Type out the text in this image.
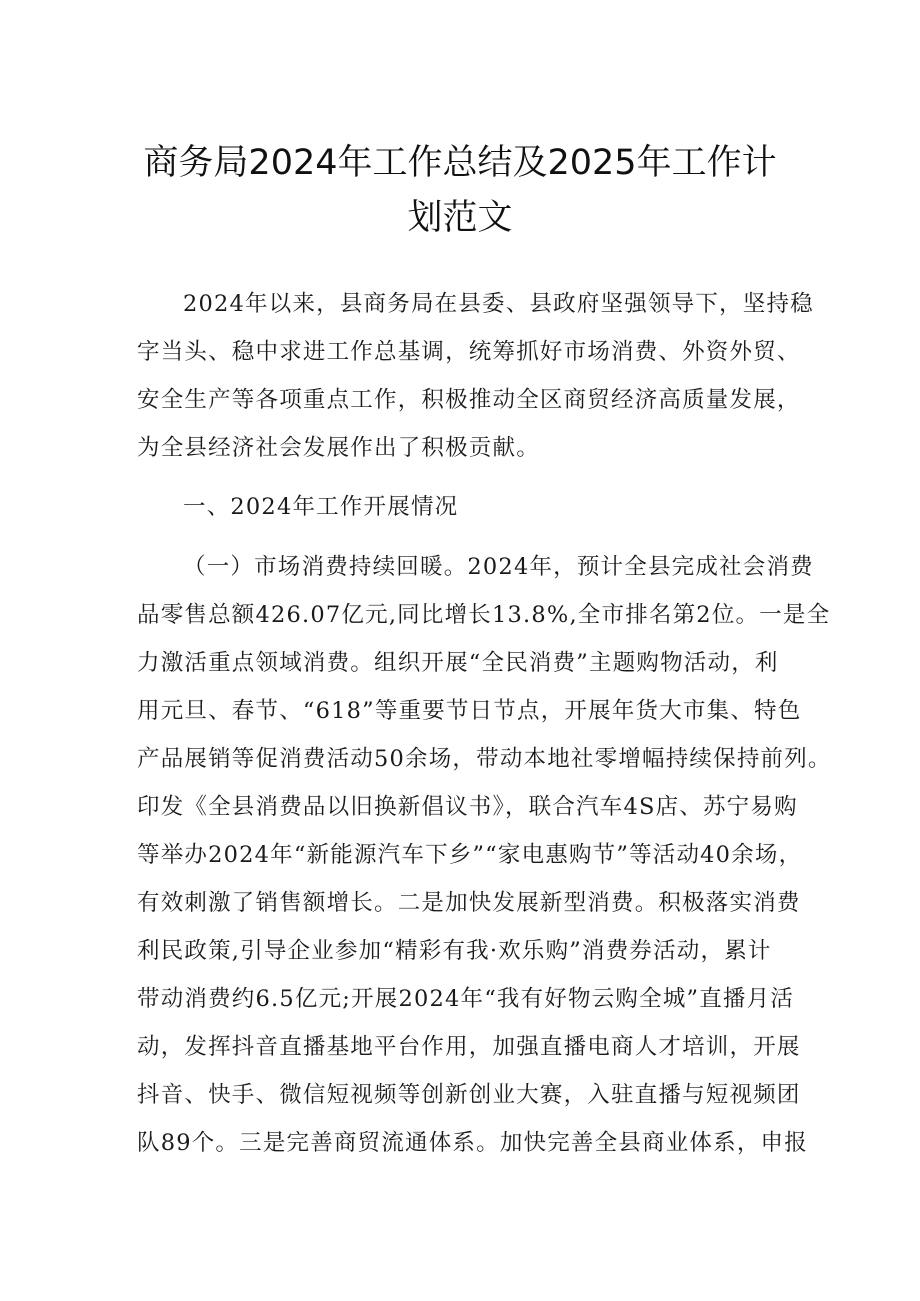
商务局2024年工作总结及2025年工作计
划范文
2024年以来，县商务局在县委、县政府坚强领导下，坚持稳
字当头、稳中求进工作总基调，统筹抓好市场消费、外资外贸、
安全生产等各项重点工作，积极推动全区商贸经济高质量发展，
为全县经济社会发展作出了积极贡献。
一、2024年工作开展情况
（一）市场消费持续回暖。2024年，预计全县完成社会消费
品零售总额426.07亿元,同比增长13.8%,全市排名第2位。一是全
力激活重点领域消费。组织开展“全民消费”主题购物活动，利
用元旦、春节、“618”等重要节日节点，开展年货大市集、特色
产品展销等促消费活动50余场，带动本地社零增幅持续保持前列。
印发《全县消费品以旧换新倡议书》，联合汽车4S店、苏宁易购
等举办2024年“新能源汽车下乡”“家电惠购节”等活动40余场，
有效刺激了销售额增长。二是加快发展新型消费。积极落实消费
利民政策,引导企业参加“精彩有我·欢乐购”消费券活动，累计
带动消费约6.5亿元;开展2024年“我有好物云购全城”直播月活
动，发挥抖音直播基地平台作用，加强直播电商人才培训，开展
抖音、快手、微信短视频等创新创业大赛，入驻直播与短视频团
队89个。三是完善商贸流通体系。加快完善全县商业体系，申报
